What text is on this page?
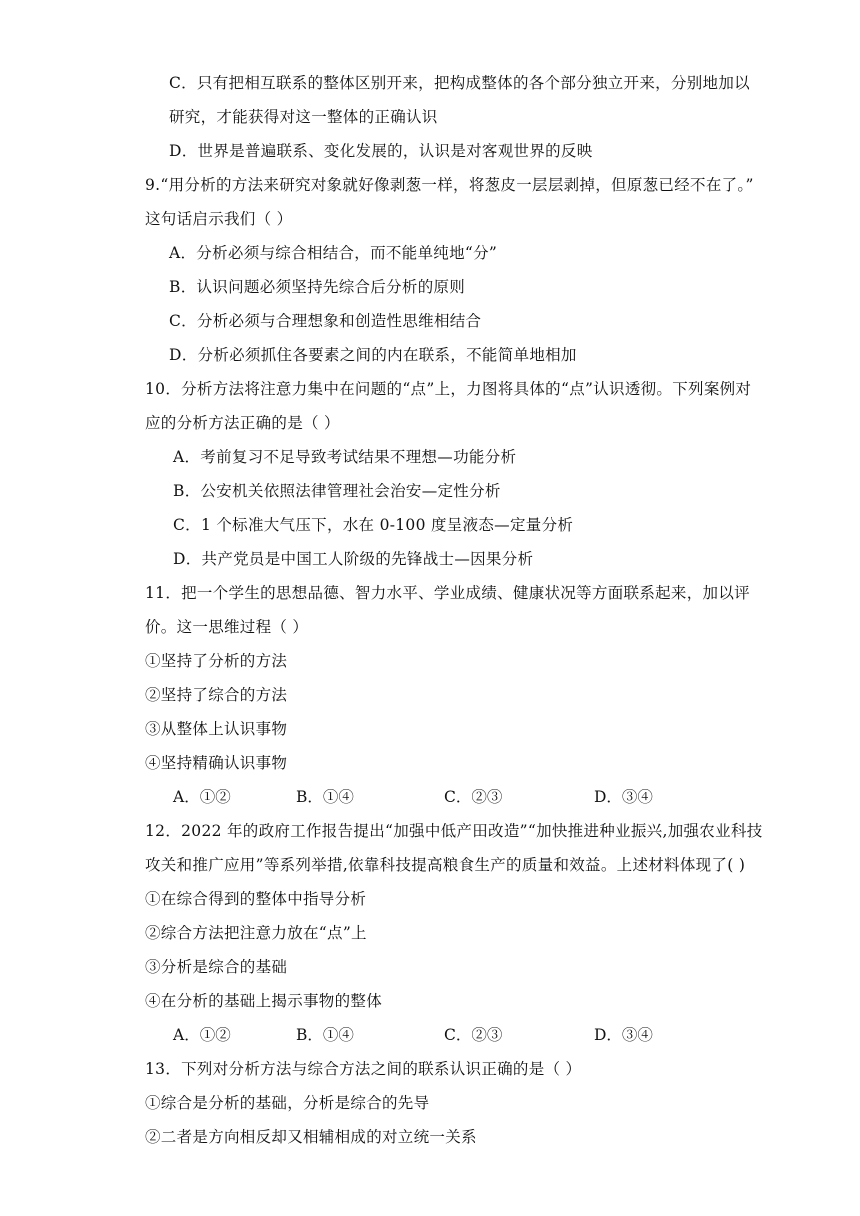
C．只有把相互联系的整体区别开来，把构成整体的各个部分独立开来，分别地加以
研究，才能获得对这一整体的正确认识
D．世界是普遍联系、变化发展的，认识是对客观世界的反映
9.“用分析的方法来研究对象就好像剥葱一样，将葱皮一层层剥掉，但原葱已经不在了。”
这句话启示我们（ ）
A．分析必须与综合相结合，而不能单纯地“分”
B．认识问题必须坚持先综合后分析的原则
C．分析必须与合理想象和创造性思维相结合
D．分析必须抓住各要素之间的内在联系，不能简单地相加
10．分析方法将注意力集中在问题的“点”上，力图将具体的“点”认识透彻。下列案例对
应的分析方法正确的是（ ）
A．考前复习不足导致考试结果不理想—功能分析
B．公安机关依照法律管理社会治安—定性分析
C．1 个标准大气压下，水在 0-100 度呈液态—定量分析
D．共产党员是中国工人阶级的先锋战士—因果分析
11．把一个学生的思想品德、智力水平、学业成绩、健康状况等方面联系起来，加以评
价。这一思维过程（ ）
①坚持了分析的方法
②坚持了综合的方法
③从整体上认识事物
④坚持精确认识事物
A．①②	B．①④	C．②③	D．③④
12．2022 年的政府工作报告提出“加强中低产田改造”“加快推进种业振兴,加强农业科技
攻关和推广应用”等系列举措,依靠科技提高粮食生产的质量和效益。上述材料体现了( )
①在综合得到的整体中指导分析
②综合方法把注意力放在“点”上
③分析是综合的基础
④在分析的基础上揭示事物的整体
A．①②	B．①④	C．②③	D．③④
13．下列对分析方法与综合方法之间的联系认识正确的是（ ）
①综合是分析的基础，分析是综合的先导
②二者是方向相反却又相辅相成的对立统一关系
